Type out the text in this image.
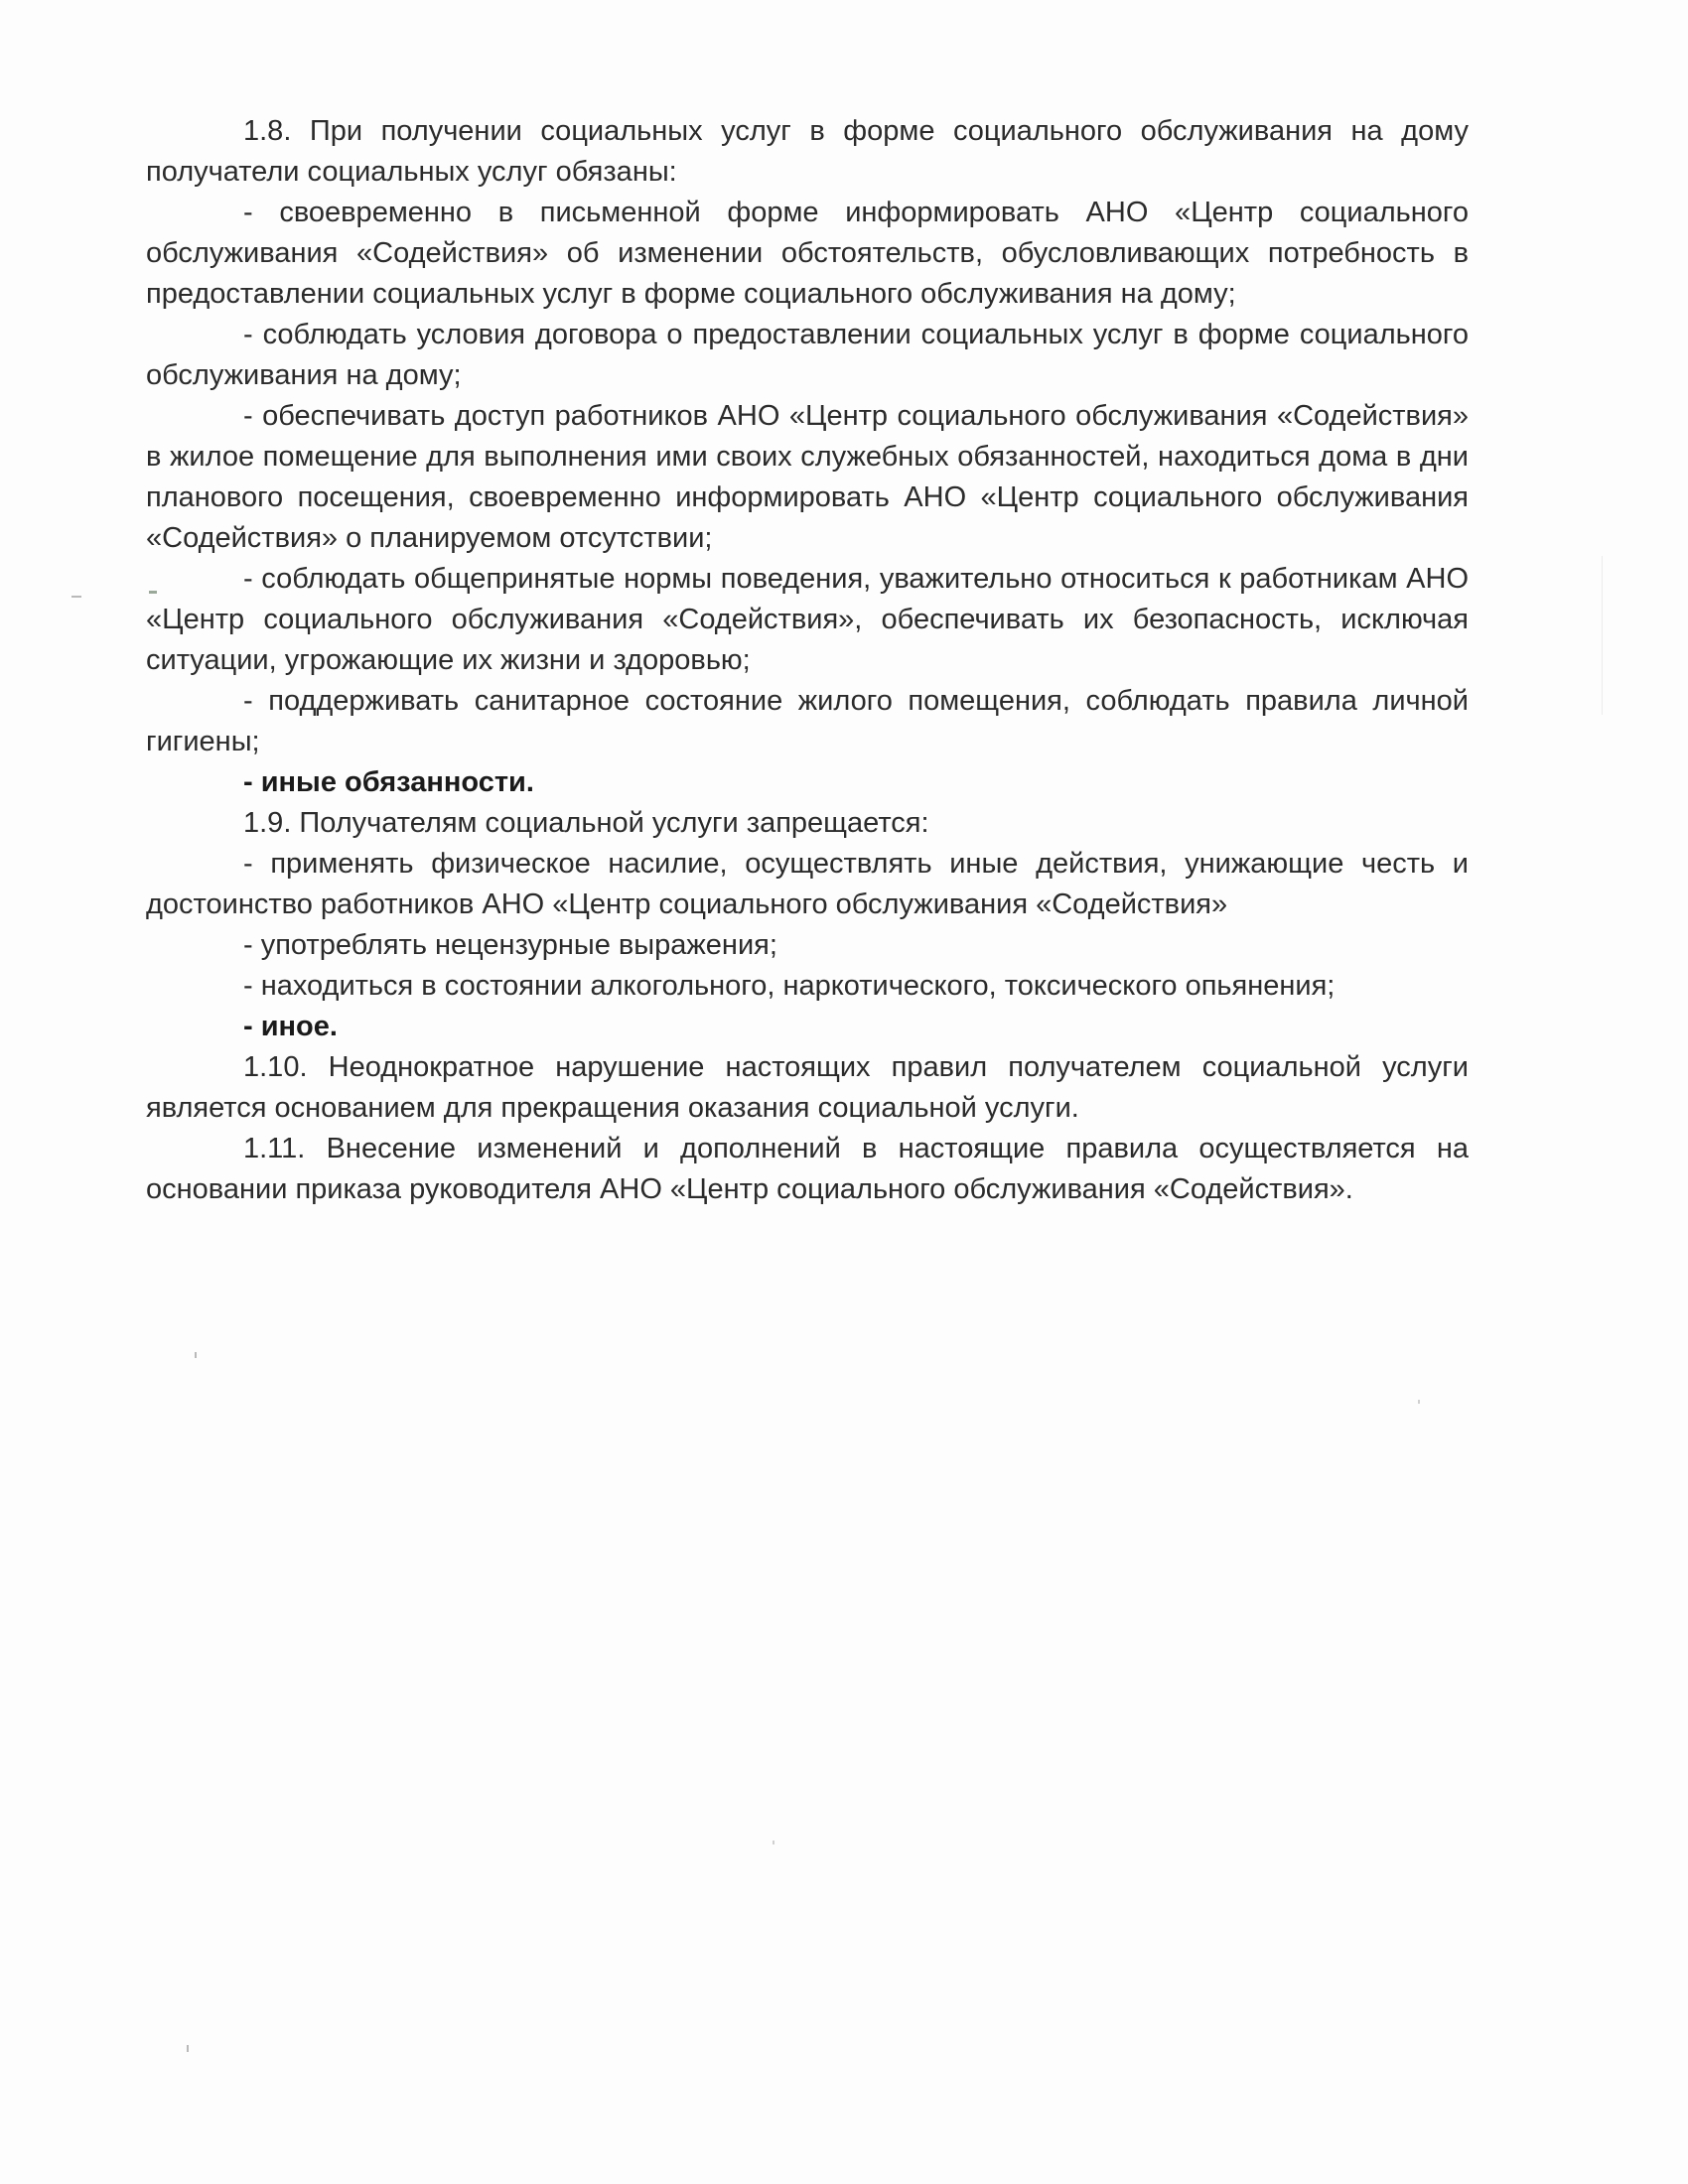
1.8. При получении социальных услуг в форме социального обслуживания на дому получатели социальных услуг обязаны:

- своевременно в письменной форме информировать АНО «Центр социального обслуживания «Содействия» об изменении обстоятельств, обусловливающих потребность в предоставлении социальных услуг в форме социального обслуживания на дому;

- соблюдать условия договора о предоставлении социальных услуг в форме социального обслуживания на дому;

- обеспечивать доступ работников АНО «Центр социального обслуживания «Содействия» в жилое помещение для выполнения ими своих служебных обязанностей, находиться дома в дни планового посещения, своевременно информировать АНО «Центр социального обслуживания «Содействия» о планируемом отсутствии;

- соблюдать общепринятые нормы поведения, уважительно относиться к работникам АНО «Центр социального обслуживания «Содействия», обеспечивать их безопасность, исключая ситуации, угрожающие их жизни и здоровью;

- поддерживать санитарное состояние жилого помещения, соблюдать правила личной гигиены;

- иные обязанности.

1.9. Получателям социальной услуги запрещается:

- применять физическое насилие, осуществлять иные действия, унижающие честь и достоинство работников АНО «Центр социального обслуживания «Содействия»

- употреблять нецензурные выражения;

- находиться в состоянии алкогольного, наркотического, токсического опьянения;

- иное.

1.10. Неоднократное нарушение настоящих правил получателем социальной услуги является основанием для прекращения оказания социальной услуги.

1.11. Внесение изменений и дополнений в настоящие правила осуществляется на основании приказа руководителя АНО «Центр социального обслуживания «Содействия».
